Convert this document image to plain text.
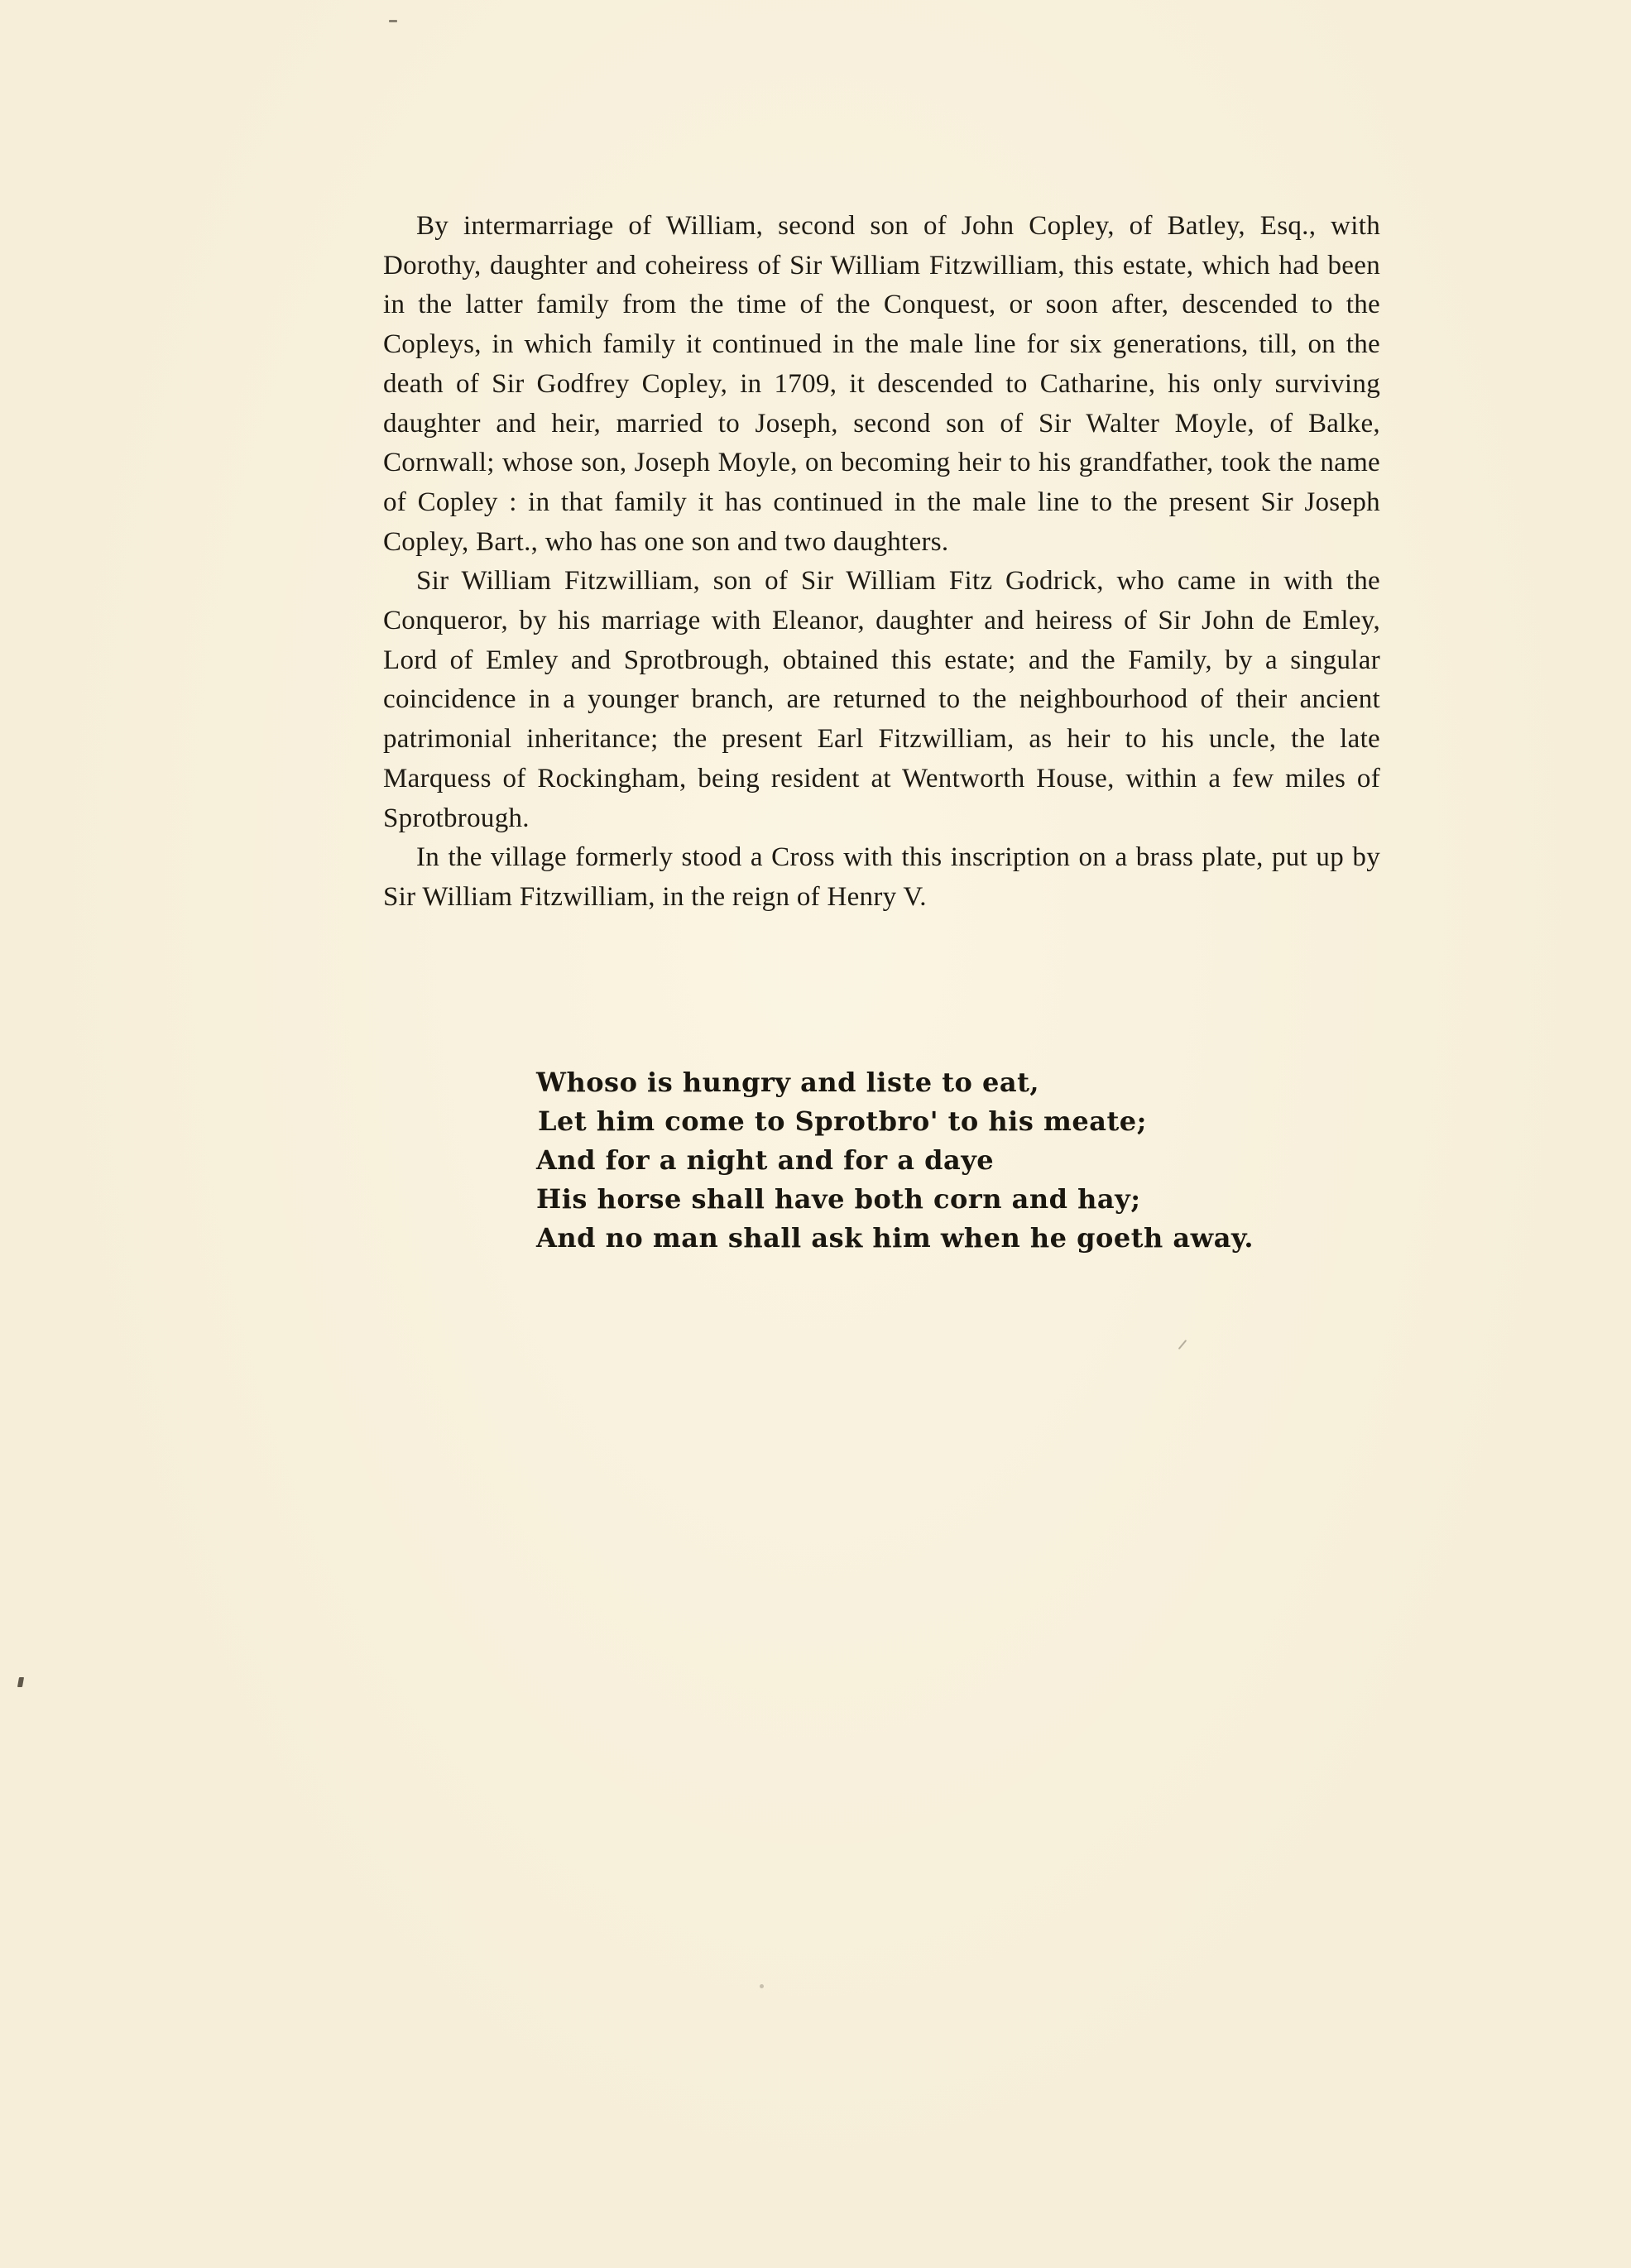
By intermarriage of William, second son of John Copley, of Batley, Esq., with Dorothy, daughter and coheiress of Sir William Fitzwilliam, this estate, which had been in the latter family from the time of the Conquest, or soon after, descended to the Copleys, in which family it continued in the male line for six generations, till, on the death of Sir Godfrey Copley, in 1709, it descended to Catharine, his only surviving daughter and heir, married to Joseph, second son of Sir Walter Moyle, of Balke, Cornwall; whose son, Joseph Moyle, on becoming heir to his grandfather, took the name of Copley : in that family it has continued in the male line to the present Sir Joseph Copley, Bart., who has one son and two daughters.

Sir William Fitzwilliam, son of Sir William Fitz Godrick, who came in with the Conqueror, by his marriage with Eleanor, daughter and heiress of Sir John de Emley, Lord of Emley and Sprotbrough, obtained this estate; and the Family, by a singular coincidence in a younger branch, are returned to the neighbourhood of their ancient patrimonial inheritance; the present Earl Fitzwilliam, as heir to his uncle, the late Marquess of Rockingham, being resident at Wentworth House, within a few miles of Sprotbrough.

In the village formerly stood a Cross with this inscription on a brass plate, put up by Sir William Fitzwilliam, in the reign of Henry V.

Whoso is hungry and liste to eat,
Let him come to Sprotbro' to his meate;
And for a night and for a daye
His horse shall have both corn and hay;
And no man shall ask him when he goeth away.
